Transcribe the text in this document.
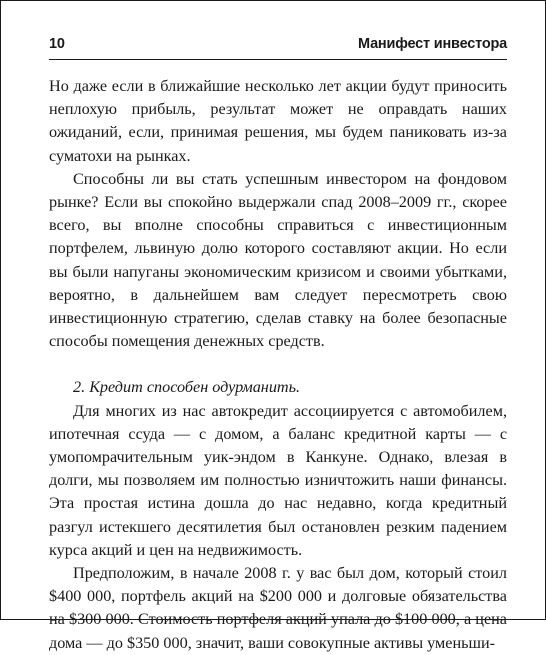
10	Манифест инвестора

Но даже если в ближайшие несколько лет акции будут приносить неплохую прибыль, результат может не оправдать наших ожиданий, если, принимая решения, мы будем паниковать из-за суматохи на рынках.

Способны ли вы стать успешным инвестором на фондовом рынке? Если вы спокойно выдержали спад 2008–2009 гг., скорее всего, вы вполне способны справиться с инвестиционным портфелем, львиную долю которого составляют акции. Но если вы были напуганы экономическим кризисом и своими убытками, вероятно, в дальнейшем вам следует пересмотреть свою инвестиционную стратегию, сделав ставку на более безопасные способы помещения денежных средств.

2. Кредит способен одурманить.

Для многих из нас автокредит ассоциируется с автомобилем, ипотечная ссуда — с домом, а баланс кредитной карты — с умопомрачительным уик-эндом в Канкуне. Однако, влезая в долги, мы позволяем им полностью изничтожить наши финансы. Эта простая истина дошла до нас недавно, когда кредитный разгул истекшего десятилетия был остановлен резким падением курса акций и цен на недвижимость.

Предположим, в начале 2008 г. у вас был дом, который стоил $400 000, портфель акций на $200 000 и долговые обязательства на $300 000. Стоимость портфеля акций упала до $100 000, а цена дома — до $350 000, значит, ваши совокупные активы уменьши-
